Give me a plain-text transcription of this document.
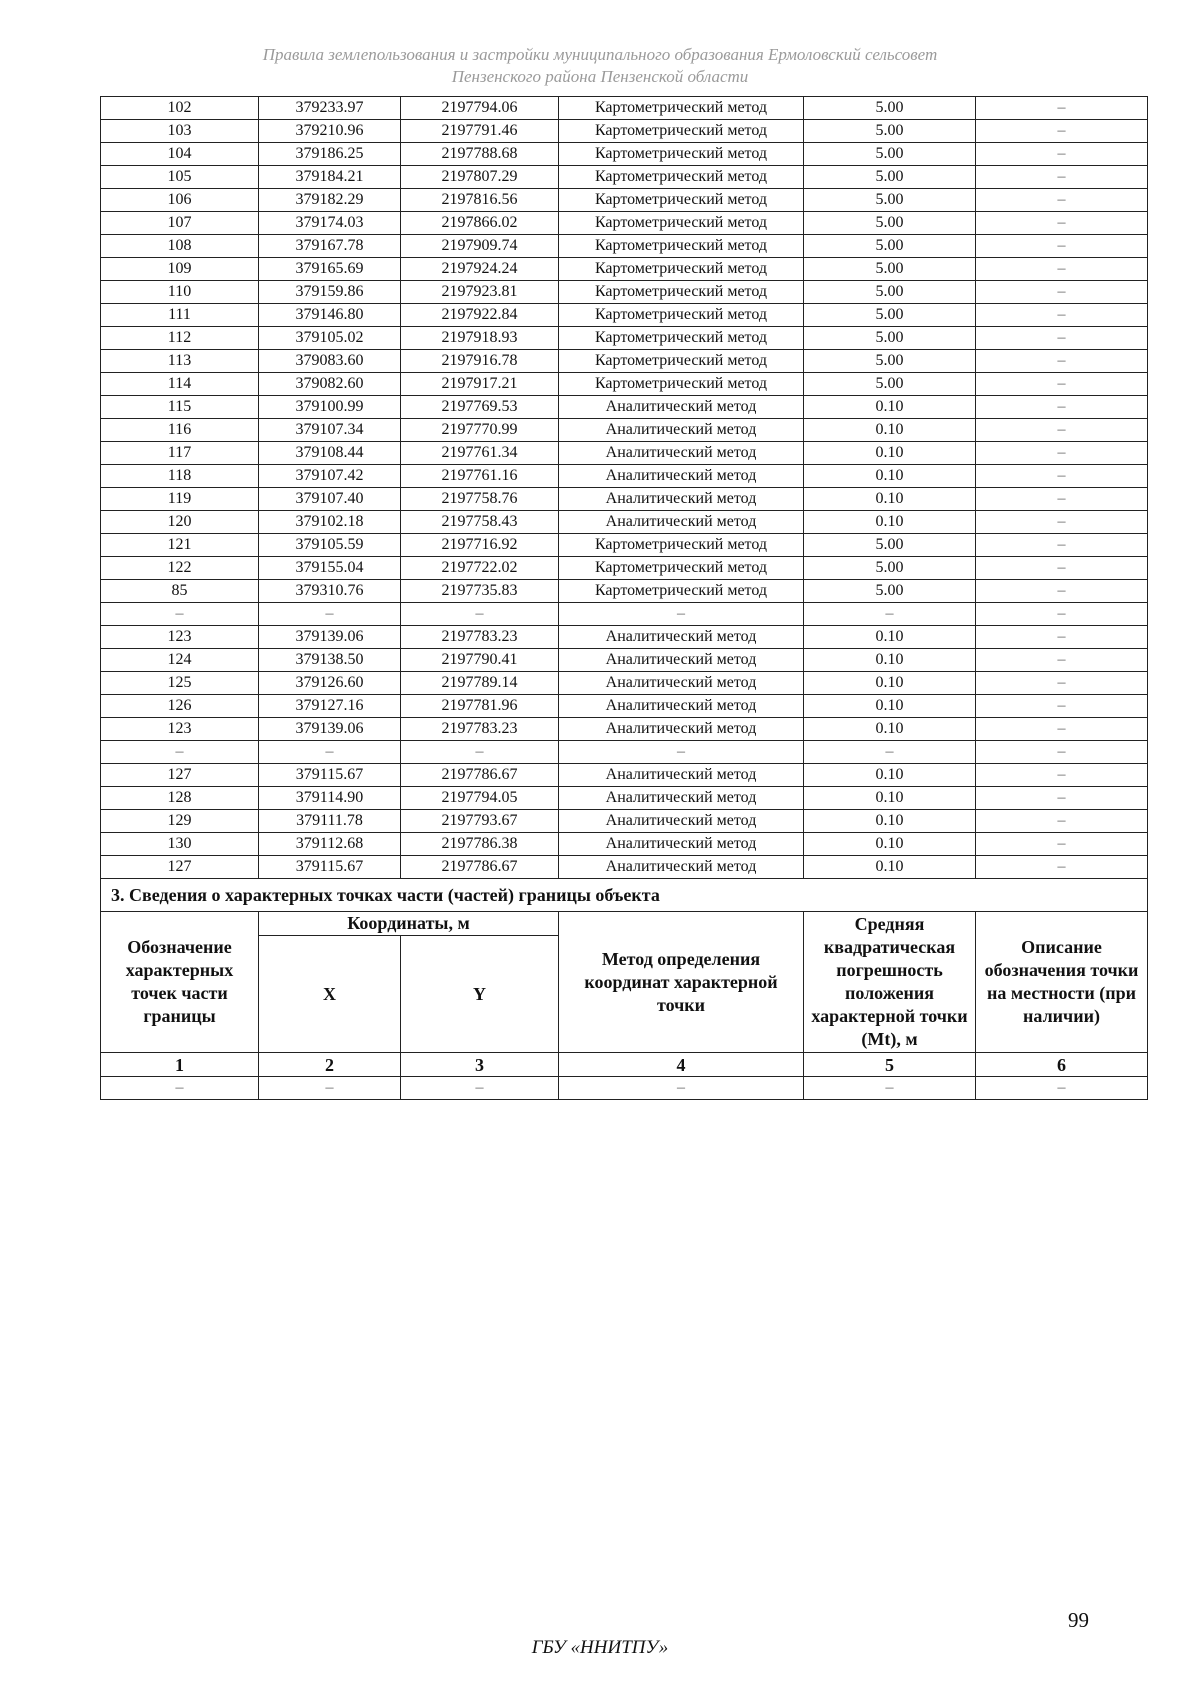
Правила землепользования и застройки муниципального образования Ермоловский сельсовет
Пензенского района Пензенской области
102	379233.97	2197794.06	Картометрический метод	5.00	–
103	379210.96	2197791.46	Картометрический метод	5.00	–
104	379186.25	2197788.68	Картометрический метод	5.00	–
105	379184.21	2197807.29	Картометрический метод	5.00	–
106	379182.29	2197816.56	Картометрический метод	5.00	–
107	379174.03	2197866.02	Картометрический метод	5.00	–
108	379167.78	2197909.74	Картометрический метод	5.00	–
109	379165.69	2197924.24	Картометрический метод	5.00	–
110	379159.86	2197923.81	Картометрический метод	5.00	–
111	379146.80	2197922.84	Картометрический метод	5.00	–
112	379105.02	2197918.93	Картометрический метод	5.00	–
113	379083.60	2197916.78	Картометрический метод	5.00	–
114	379082.60	2197917.21	Картометрический метод	5.00	–
115	379100.99	2197769.53	Аналитический метод	0.10	–
116	379107.34	2197770.99	Аналитический метод	0.10	–
117	379108.44	2197761.34	Аналитический метод	0.10	–
118	379107.42	2197761.16	Аналитический метод	0.10	–
119	379107.40	2197758.76	Аналитический метод	0.10	–
120	379102.18	2197758.43	Аналитический метод	0.10	–
121	379105.59	2197716.92	Картометрический метод	5.00	–
122	379155.04	2197722.02	Картометрический метод	5.00	–
85	379310.76	2197735.83	Картометрический метод	5.00	–
–	–	–	–	–	–
123	379139.06	2197783.23	Аналитический метод	0.10	–
124	379138.50	2197790.41	Аналитический метод	0.10	–
125	379126.60	2197789.14	Аналитический метод	0.10	–
126	379127.16	2197781.96	Аналитический метод	0.10	–
123	379139.06	2197783.23	Аналитический метод	0.10	–
–	–	–	–	–	–
127	379115.67	2197786.67	Аналитический метод	0.10	–
128	379114.90	2197794.05	Аналитический метод	0.10	–
129	379111.78	2197793.67	Аналитический метод	0.10	–
130	379112.68	2197786.38	Аналитический метод	0.10	–
127	379115.67	2197786.67	Аналитический метод	0.10	–
3. Сведения о характерных точках части (частей) границы объекта					
Обозначение характерных точек части границы	Координаты, м		Метод определения координат характерной точки	Средняя квадратическая погрешность положения характерной точки (Mt), м	Описание обозначения точки на местности (при наличии)
	X	Y			
1	2	3	4	5	6
–	–	–	–	–	–
99
ГБУ «ННИТПУ»
